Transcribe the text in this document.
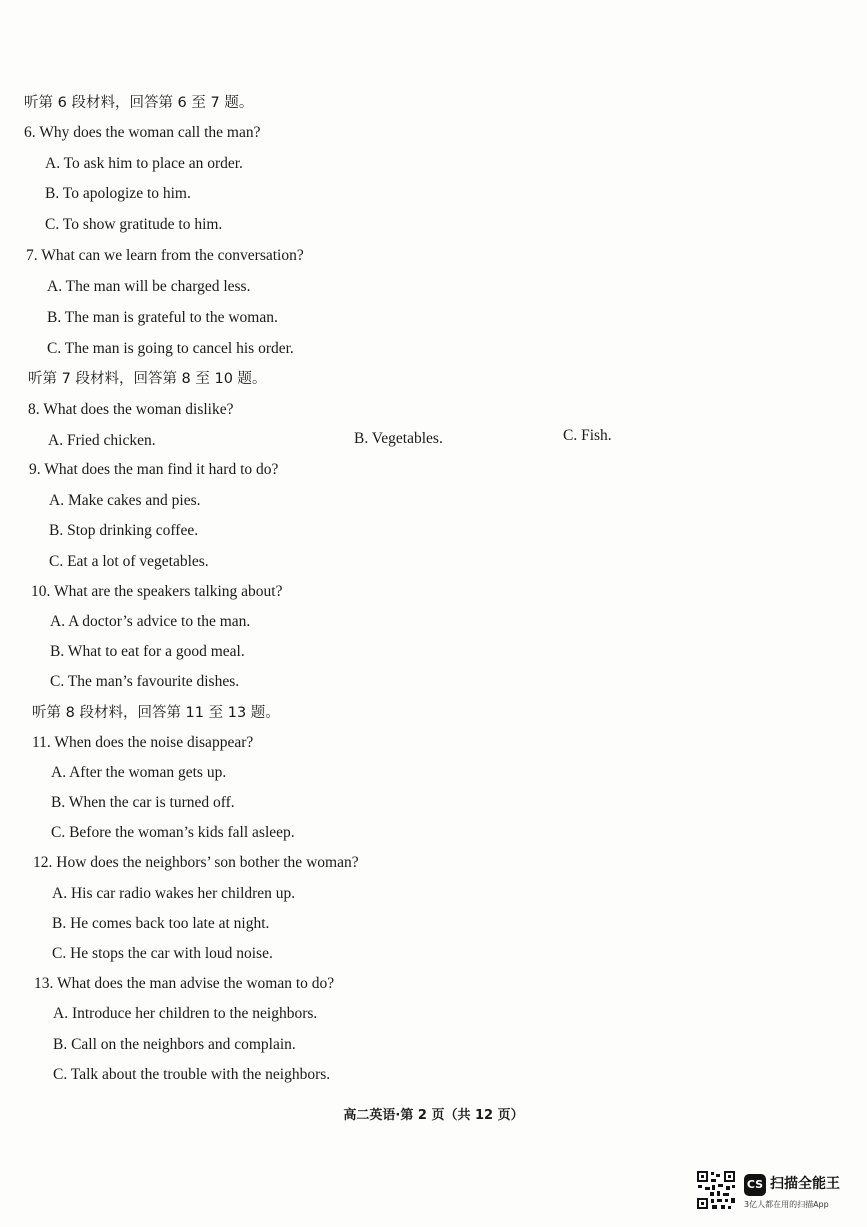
听第 6 段材料，回答第 6 至 7 题。
6. Why does the woman call the man?
A. To ask him to place an order.
B. To apologize to him.
C. To show gratitude to him.
7. What can we learn from the conversation?
A. The man will be charged less.
B. The man is grateful to the woman.
C. The man is going to cancel his order.
听第 7 段材料，回答第 8 至 10 题。
8. What does the woman dislike?
A. Fried chicken.	B. Vegetables.	C. Fish.
9. What does the man find it hard to do?
A. Make cakes and pies.
B. Stop drinking coffee.
C. Eat a lot of vegetables.
10. What are the speakers talking about?
A. A doctor’s advice to the man.
B. What to eat for a good meal.
C. The man’s favourite dishes.
听第 8 段材料，回答第 11 至 13 题。
11. When does the noise disappear?
A. After the woman gets up.
B. When the car is turned off.
C. Before the woman’s kids fall asleep.
12. How does the neighbors’ son bother the woman?
A. His car radio wakes her children up.
B. He comes back too late at night.
C. He stops the car with loud noise.
13. What does the man advise the woman to do?
A. Introduce her children to the neighbors.
B. Call on the neighbors and complain.
C. Talk about the trouble with the neighbors.
高二英语·第 2 页（共 12 页）
CS 扫描全能王
3亿人都在用的扫描App
